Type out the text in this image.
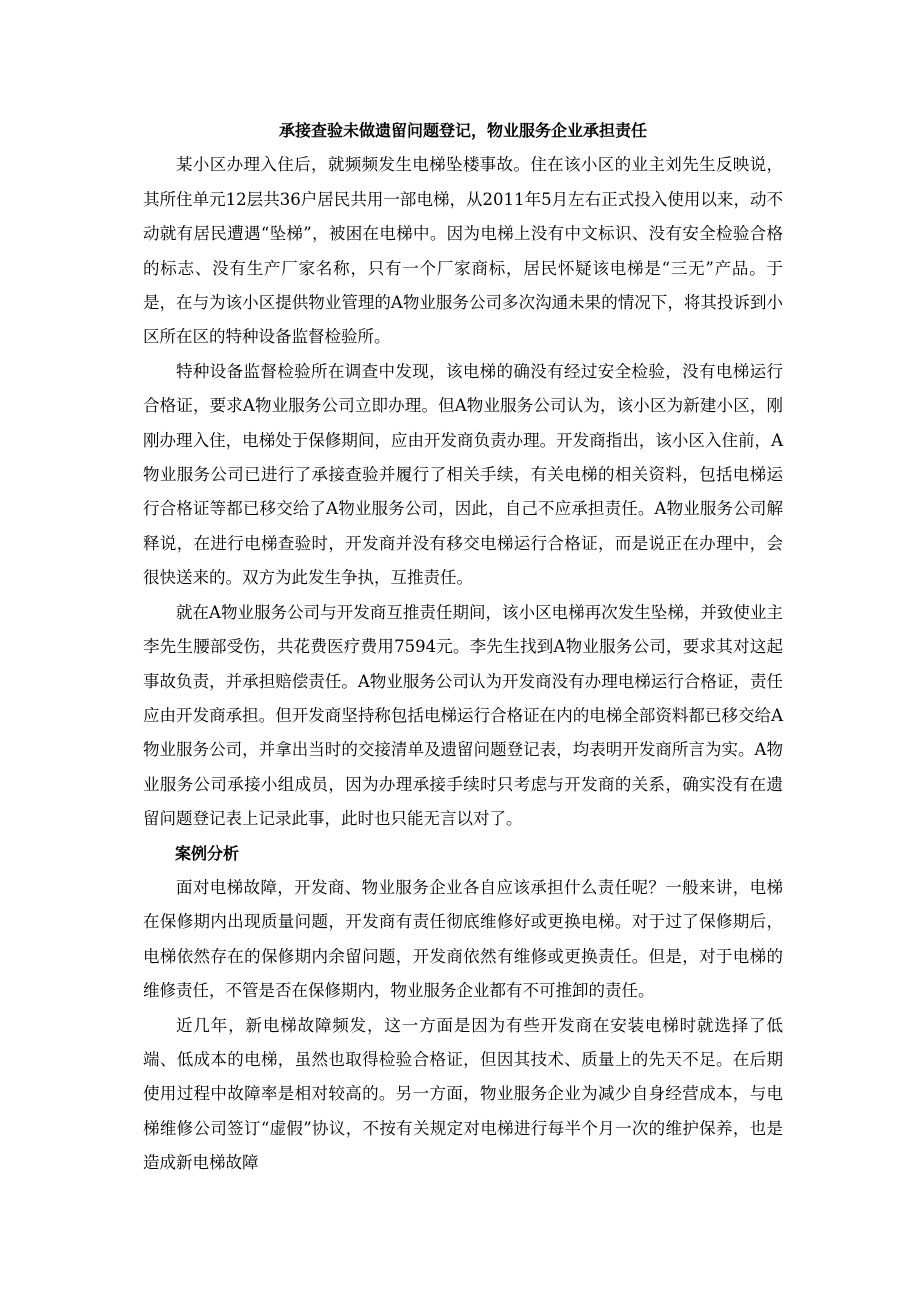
承接查验未做遗留问题登记，物业服务企业承担责任

某小区办理入住后，就频频发生电梯坠楼事故。住在该小区的业主刘先生反映说，其所住单元12层共36户居民共用一部电梯，从2011年5月左右正式投入使用以来，动不动就有居民遭遇“坠梯”，被困在电梯中。因为电梯上没有中文标识、没有安全检验合格的标志、没有生产厂家名称，只有一个厂家商标，居民怀疑该电梯是“三无”产品。于是，在与为该小区提供物业管理的A物业服务公司多次沟通未果的情况下，将其投诉到小区所在区的特种设备监督检验所。

特种设备监督检验所在调查中发现，该电梯的确没有经过安全检验，没有电梯运行合格证，要求A物业服务公司立即办理。但A物业服务公司认为，该小区为新建小区，刚刚办理入住，电梯处于保修期间，应由开发商负责办理。开发商指出，该小区入住前，A物业服务公司已进行了承接查验并履行了相关手续，有关电梯的相关资料，包括电梯运行合格证等都已移交给了A物业服务公司，因此，自己不应承担责任。A物业服务公司解释说，在进行电梯查验时，开发商并没有移交电梯运行合格证，而是说正在办理中，会很快送来的。双方为此发生争执，互推责任。

就在A物业服务公司与开发商互推责任期间，该小区电梯再次发生坠梯，并致使业主李先生腰部受伤，共花费医疗费用7594元。李先生找到A物业服务公司，要求其对这起事故负责，并承担赔偿责任。A物业服务公司认为开发商没有办理电梯运行合格证，责任应由开发商承担。但开发商坚持称包括电梯运行合格证在内的电梯全部资料都已移交给A物业服务公司，并拿出当时的交接清单及遗留问题登记表，均表明开发商所言为实。A物业服务公司承接小组成员，因为办理承接手续时只考虑与开发商的关系，确实没有在遗留问题登记表上记录此事，此时也只能无言以对了。

案例分析

面对电梯故障，开发商、物业服务企业各自应该承担什么责任呢？一般来讲，电梯在保修期内出现质量问题，开发商有责任彻底维修好或更换电梯。对于过了保修期后，电梯依然存在的保修期内余留问题，开发商依然有维修或更换责任。但是，对于电梯的维修责任，不管是否在保修期内，物业服务企业都有不可推卸的责任。

近几年，新电梯故障频发，这一方面是因为有些开发商在安装电梯时就选择了低端、低成本的电梯，虽然也取得检验合格证，但因其技术、质量上的先天不足。在后期使用过程中故障率是相对较高的。另一方面，物业服务企业为减少自身经营成本，与电梯维修公司签订“虚假”协议，不按有关规定对电梯进行每半个月一次的维护保养，也是造成新电梯故障
